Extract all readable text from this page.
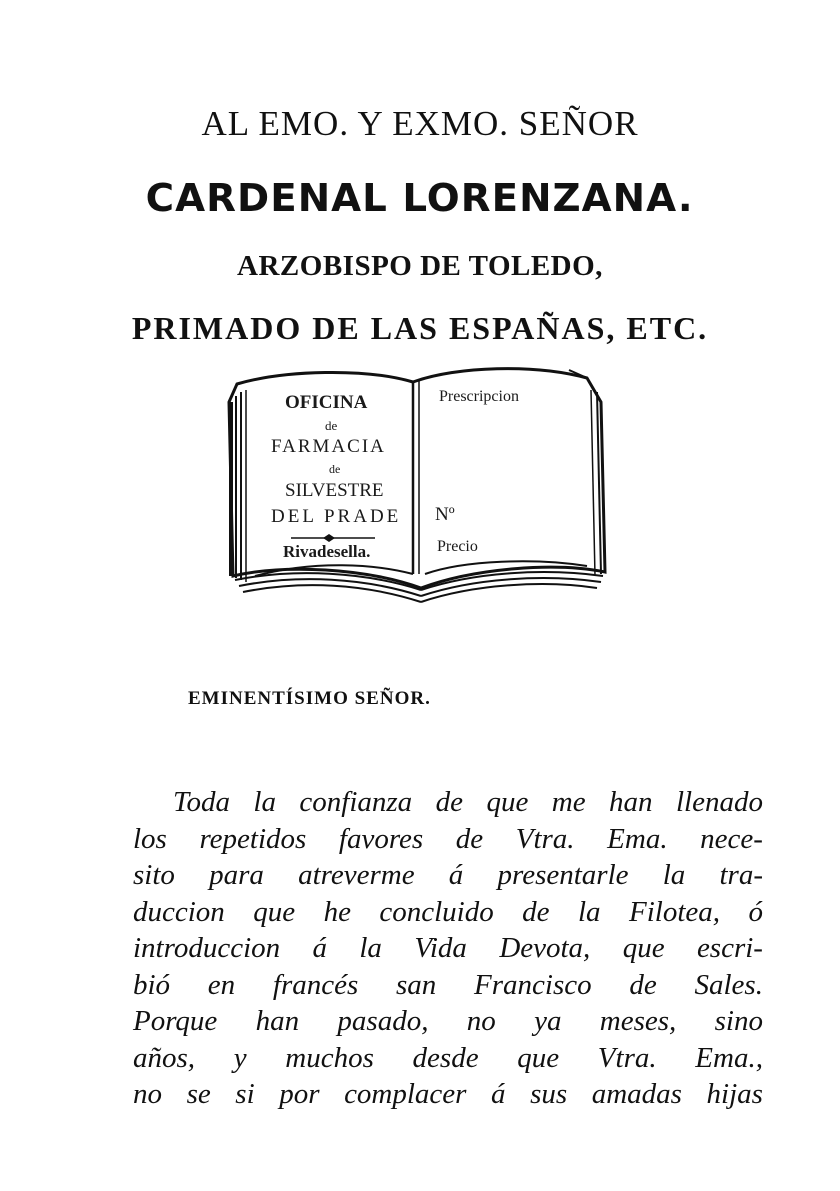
AL EMO. Y EXMO. SEÑOR
CARDENAL LORENZANA.
ARZOBISPO DE TOLEDO,
PRIMADO DE LAS ESPAÑAS, ETC.
OFICINA
de
FARMACIA
de
SILVESTRE
DEL PRADE
Rivadesella.
Prescripcion
Nº
Precio
EMINENTÍSIMO SEÑOR.
Toda la confianza de que me han llenado
los repetidos favores de Vtra. Ema. nece-
sito para atreverme á presentarle la tra-
duccion que he concluido de la Filotea, ó
introduccion á la Vida Devota, que escri-
bió en francés san Francisco de Sales.
Porque han pasado, no ya meses, sino
años, y muchos desde que Vtra. Ema.,
no se si por complacer á sus amadas hijas
